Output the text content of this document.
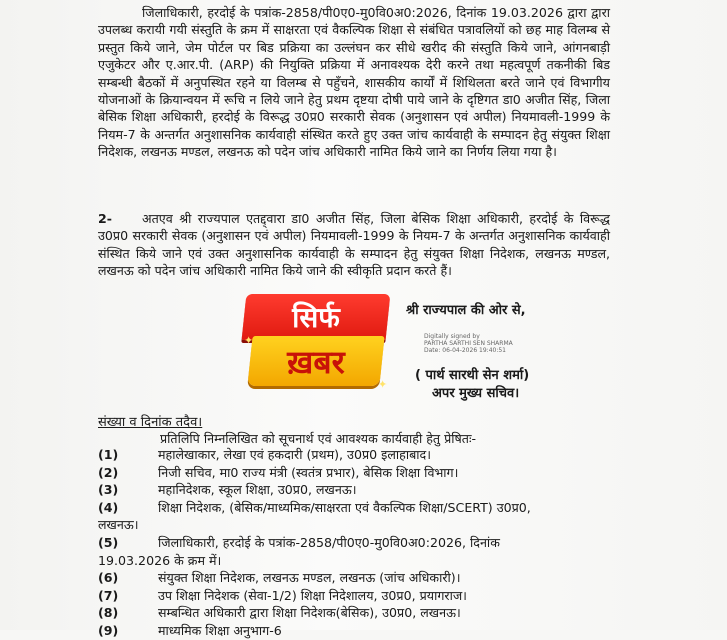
जिलाधिकारी, हरदोई के पत्रांक-2858/पी0ए0-मु0वि0अ0:2026, दिनांक 19.03.2026 द्वारा द्वारा उपलब्ध करायी गयी संस्तुति के क्रम में साक्षरता एवं वैकल्पिक शिक्षा से संबंधित पत्रावलियों को छह माह विलम्ब से प्रस्तुत किये जाने, जेम पोर्टल पर बिड प्रक्रिया का उल्लंघन कर सीधे खरीद की संस्तुति किये जाने, आंगनबाड़ी एजुकेटर और ए.आर.पी. (ARP) की नियुक्ति प्रक्रिया में अनावश्यक देरी करने तथा महत्वपूर्ण तकनीकी बिड सम्बन्धी बैठकों में अनुपस्थित रहने या विलम्ब से पहुँचने, शासकीय कार्यों में शिथिलता बरते जाने एवं विभागीय योजनाओं के क्रियान्वयन में रूचि न लिये जाने हेतु प्रथम दृष्टया दोषी पाये जाने के दृष्टिगत डा0 अजीत सिंह, जिला बेसिक शिक्षा अधिकारी, हरदोई के विरूद्ध उ0प्र0 सरकारी सेवक (अनुशासन एवं अपील) नियमावली-1999 के नियम-7 के अन्तर्गत अनुशासनिक कार्यवाही संस्थित करते हुए उक्त जांच कार्यवाही के सम्पादन हेतु संयुक्त शिक्षा निदेशक, लखनऊ मण्डल, लखनऊ को पदेन जांच अधिकारी नामित किये जाने का निर्णय लिया गया है।
2- अतएव श्री राज्यपाल एतद्द्वारा डा0 अजीत सिंह, जिला बेसिक शिक्षा अधिकारी, हरदोई के विरूद्ध उ0प्र0 सरकारी सेवक (अनुशासन एवं अपील) नियमावली-1999 के नियम-7 के अन्तर्गत अनुशासनिक कार्यवाही संस्थित किये जाने एवं उक्त अनुशासनिक कार्यवाही के सम्पादन हेतु संयुक्त शिक्षा निदेशक, लखनऊ मण्डल, लखनऊ को पदेन जांच अधिकारी नामित किये जाने की स्वीकृति प्रदान करते हैं।
श्री राज्यपाल की ओर से,
Digitally signed by
PARTHA SARTHI SEN SHARMA
Date: 06-04-2026 19:40:51
( पार्थ सारथी सेन शर्मा)
अपर मुख्य सचिव।
सिर्फ
ख़बर
✦
✦
संख्या व दिनांक तदैव।
प्रतिलिपि निम्नलिखित को सूचनार्थ एवं आवश्यक कार्यवाही हेतु प्रेषितः-
(1)	महालेखाकार, लेखा एवं हकदारी (प्रथम), उ0प्र0 इलाहाबाद।
(2)	निजी सचिव, मा0 राज्य मंत्री (स्वतंत्र प्रभार), बेसिक शिक्षा विभाग।
(3)	महानिदेशक, स्कूल शिक्षा, उ0प्र0, लखनऊ।
(4)	शिक्षा निदेशक, (बेसिक/माध्यमिक/साक्षरता एवं वैकल्पिक शिक्षा/SCERT) उ0प्र0,
लखनऊ।
(5)	जिलाधिकारी, हरदोई के पत्रांक-2858/पी0ए0-मु0वि0अ0:2026, दिनांक
19.03.2026 के क्रम में।
(6)	संयुक्त शिक्षा निदेशक, लखनऊ मण्डल, लखनऊ (जांच अधिकारी)।
(7)	उप शिक्षा निदेशक (सेवा-1/2) शिक्षा निदेशालय, उ0प्र0, प्रयागराज।
(8)	सम्बन्धित अधिकारी द्वारा शिक्षा निदेशक(बेसिक), उ0प्र0, लखनऊ।
(9)	माध्यमिक शिक्षा अनुभाग-6
